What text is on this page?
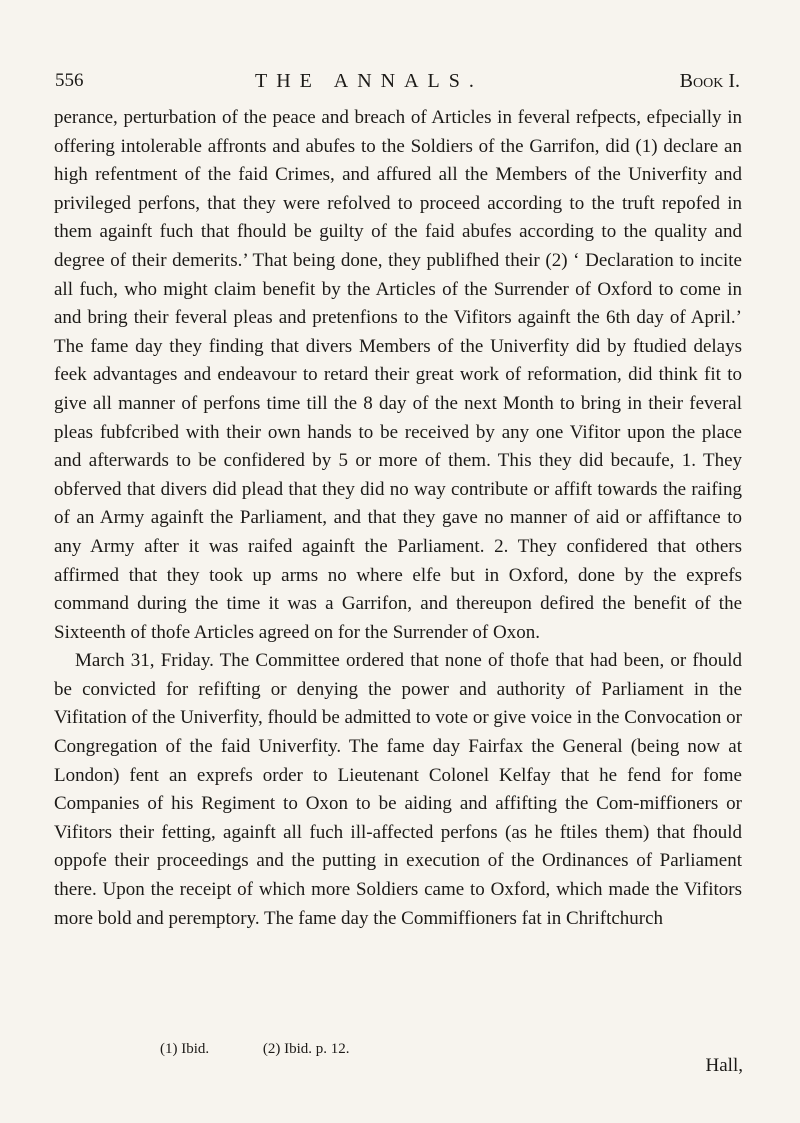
556	THE ANNALS.	Book I.

perance, perturbation of the peace and breach of Articles in feveral refpects, efpecially in offering intolerable affronts and abufes to the Soldiers of the Garrifon, did (1) declare an high refentment of the faid Crimes, and affured all the Members of the Univerfity and privileged perfons, that they were refolved to proceed according to the truft repofed in them againft fuch that fhould be guilty of the faid abufes according to the quality and degree of their demerits.’ That being done, they publifhed their (2) ‘ Declaration to incite all fuch, who might claim benefit by the Articles of the Surrender of Oxford to come in and bring their feveral pleas and pretenfions to the Vifitors againft the 6th day of April.’ The fame day they finding that divers Members of the Univerfity did by ftudied delays feek advantages and endeavour to retard their great work of reformation, did think fit to give all manner of perfons time till the 8 day of the next Month to bring in their feveral pleas fubfcribed with their own hands to be received by any one Vifitor upon the place and afterwards to be confidered by 5 or more of them. This they did becaufe, 1. They obferved that divers did plead that they did no way contribute or affift towards the raifing of an Army againft the Parliament, and that they gave no manner of aid or affiftance to any Army after it was raifed againft the Parliament. 2. They confidered that others affirmed that they took up arms no where elfe but in Oxford, done by the exprefs command during the time it was a Garrifon, and thereupon defired the benefit of the Sixteenth of thofe Articles agreed on for the Surrender of Oxon.

March 31, Friday. The Committee ordered that none of thofe that had been, or fhould be convicted for refifting or denying the power and authority of Parliament in the Vifitation of the Univerfity, fhould be admitted to vote or give voice in the Convocation or Congregation of the faid Univerfity. The fame day Fairfax the General (being now at London) fent an exprefs order to Lieutenant Colonel Kelfay that he fend for fome Companies of his Regiment to Oxon to be aiding and affifting the Com-miffioners or Vifitors their fetting, againft all fuch ill-affected perfons (as he ftiles them) that fhould oppofe their proceedings and the putting in execution of the Ordinances of Parliament there. Upon the receipt of which more Soldiers came to Oxford, which made the Vifitors more bold and peremptory. The fame day the Commiffioners fat in Chriftchurch

(1) Ibid.	(2) Ibid. p. 12.
Hall,
